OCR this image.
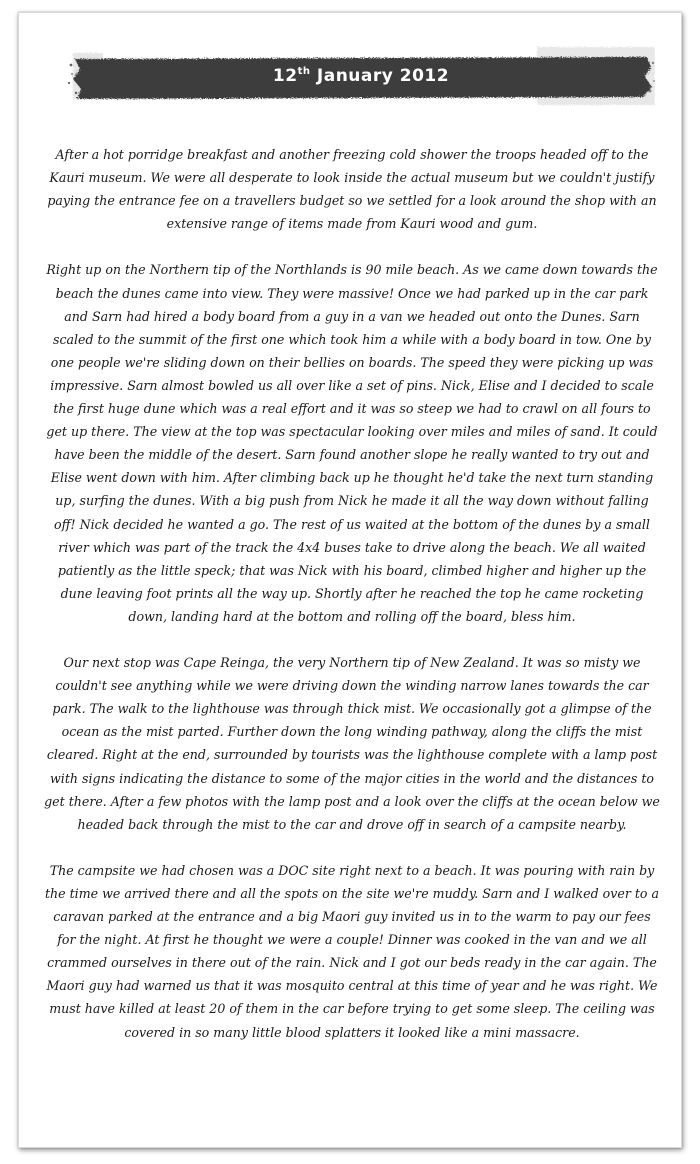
12th January 2012

After a hot porridge breakfast and another freezing cold shower the troops headed off to the Kauri museum. We were all desperate to look inside the actual museum but we couldn't justify paying the entrance fee on a travellers budget so we settled for a look around the shop with an extensive range of items made from Kauri wood and gum.

Right up on the Northern tip of the Northlands is 90 mile beach. As we came down towards the beach the dunes came into view. They were massive! Once we had parked up in the car park and Sarn had hired a body board from a guy in a van we headed out onto the Dunes. Sarn scaled to the summit of the first one which took him a while with a body board in tow. One by one people we're sliding down on their bellies on boards. The speed they were picking up was impressive. Sarn almost bowled us all over like a set of pins. Nick, Elise and I decided to scale the first huge dune which was a real effort and it was so steep we had to crawl on all fours to get up there. The view at the top was spectacular looking over miles and miles of sand. It could have been the middle of the desert. Sarn found another slope he really wanted to try out and Elise went down with him. After climbing back up he thought he'd take the next turn standing up, surfing the dunes. With a big push from Nick he made it all the way down without falling off! Nick decided he wanted a go. The rest of us waited at the bottom of the dunes by a small river which was part of the track the 4x4 buses take to drive along the beach. We all waited patiently as the little speck; that was Nick with his board, climbed higher and higher up the dune leaving foot prints all the way up. Shortly after he reached the top he came rocketing down, landing hard at the bottom and rolling off the board, bless him.

Our next stop was Cape Reinga, the very Northern tip of New Zealand. It was so misty we couldn't see anything while we were driving down the winding narrow lanes towards the car park. The walk to the lighthouse was through thick mist. We occasionally got a glimpse of the ocean as the mist parted. Further down the long winding pathway, along the cliffs the mist cleared. Right at the end, surrounded by tourists was the lighthouse complete with a lamp post with signs indicating the distance to some of the major cities in the world and the distances to get there. After a few photos with the lamp post and a look over the cliffs at the ocean below we headed back through the mist to the car and drove off in search of a campsite nearby.

The campsite we had chosen was a DOC site right next to a beach. It was pouring with rain by the time we arrived there and all the spots on the site we're muddy. Sarn and I walked over to a caravan parked at the entrance and a big Maori guy invited us in to the warm to pay our fees for the night. At first he thought we were a couple! Dinner was cooked in the van and we all crammed ourselves in there out of the rain. Nick and I got our beds ready in the car again. The Maori guy had warned us that it was mosquito central at this time of year and he was right. We must have killed at least 20 of them in the car before trying to get some sleep. The ceiling was covered in so many little blood splatters it looked like a mini massacre.
